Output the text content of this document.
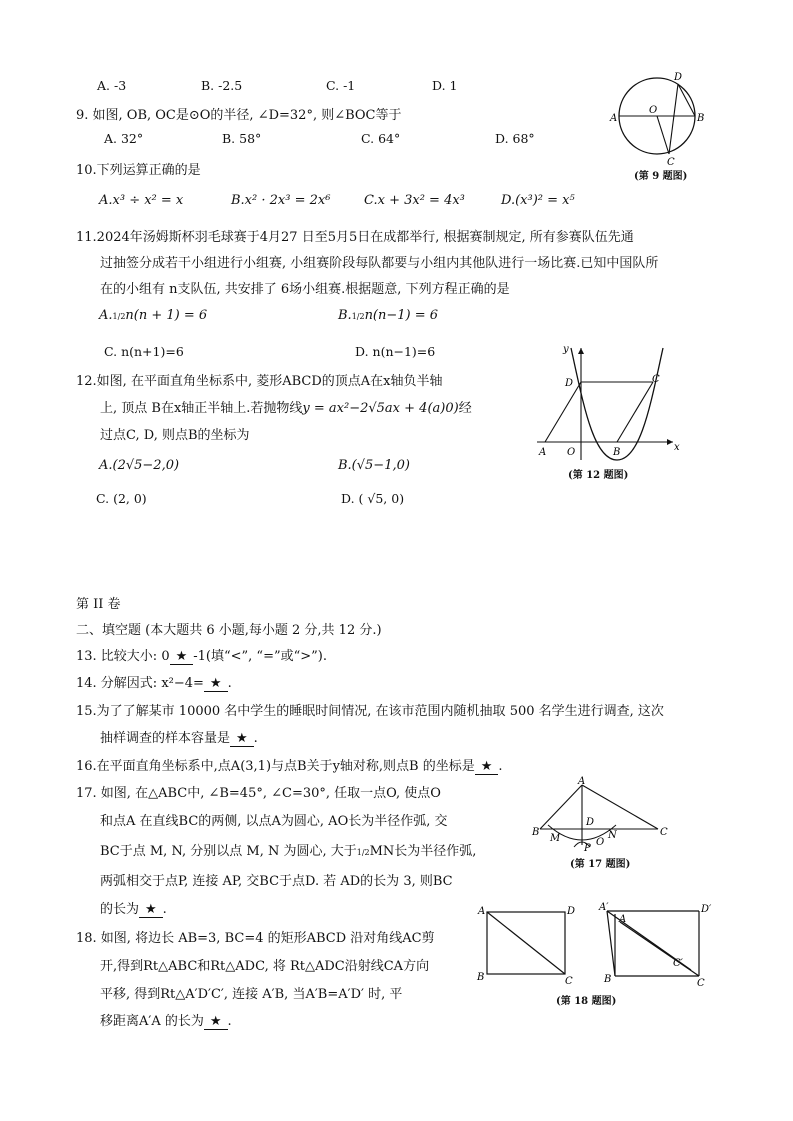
A. -3	B. -2.5	C. -1	D. 1
9. 如图, OB, OC是⊙O的半径, ∠D=32°, 则∠BOC等于
A. 32°	B. 58°	C. 64°	D. 68°
D
O
A	B
C
(第 9 题图)
10.下列运算正确的是
A.x³ ÷ x² = x	B.x² · 2x³ = 2x⁶	C.x + 3x² = 4x³	D.(x³)² = x⁵
11.2024年汤姆斯杯羽毛球赛于4月27 日至5月5日在成都举行, 根据赛制规定, 所有参赛队伍先通
过抽签分成若干小组进行小组赛, 小组赛阶段每队都要与小组内其他队进行一场比赛.已知中国队所
在的小组有 n支队伍, 共安排了 6场小组赛.根据题意, 下列方程正确的是
A.1/2n(n + 1) = 6	B.1/2n(n−1) = 6
C. n(n+1)=6	D. n(n−1)=6
12.如图, 在平面直角坐标系中, 菱形ABCD的顶点A在x轴负半轴
上, 顶点 B在x轴正半轴上.若抛物线y = ax²−2√5ax + 4(a)0)经
过点C, D, 则点B的坐标为
A.(2√5−2,0)	B.(√5−1,0)
C. (2, 0)	D. ( √5, 0)
y
x
D	C
A O	B
(第 12 题图)
第 II 卷
二、填空题 (本大题共 6 小题,每小题 2 分,共 12 分.)
13. 比较大小: 0 ★ -1(填“<”, “=”或“>”).
14. 分解因式: x²−4= ★ .
15.为了了解某市 10000 名中学生的睡眠时间情况, 在该市范围内随机抽取 500 名学生进行调查, 这次
抽样调查的样本容量是 ★ .
16.在平面直角坐标系中,点A(3,1)与点B关于y轴对称,则点B 的坐标是 ★ .
17. 如图, 在△ABC中, ∠B=45°, ∠C=30°, 任取一点O, 使点O
和点A 在直线BC的两侧, 以点A为圆心, AO长为半径作弧, 交
BC于点 M, N, 分别以点 M, N 为圆心, 大于1/2MN长为半径作弧,
两弧相交于点P, 连接 AP, 交BC于点D. 若 AD的长为 3, 则BC
的长为 ★ .
A
B	C
D
M	N
P
O
(第 17 题图)
18. 如图, 将边长 AB=3, BC=4 的矩形ABCD 沿对角线AC剪
开,得到Rt△ABC和Rt△ADC, 将 Rt△ADC沿射线CA方向
平移, 得到Rt△A′D′C′, 连接 A′B, 当A′B=A′D′ 时, 平
移距离A′A 的长为 ★ .
A	D
B	C
A′
A
D′
C′
B	C
(第 18 题图)
